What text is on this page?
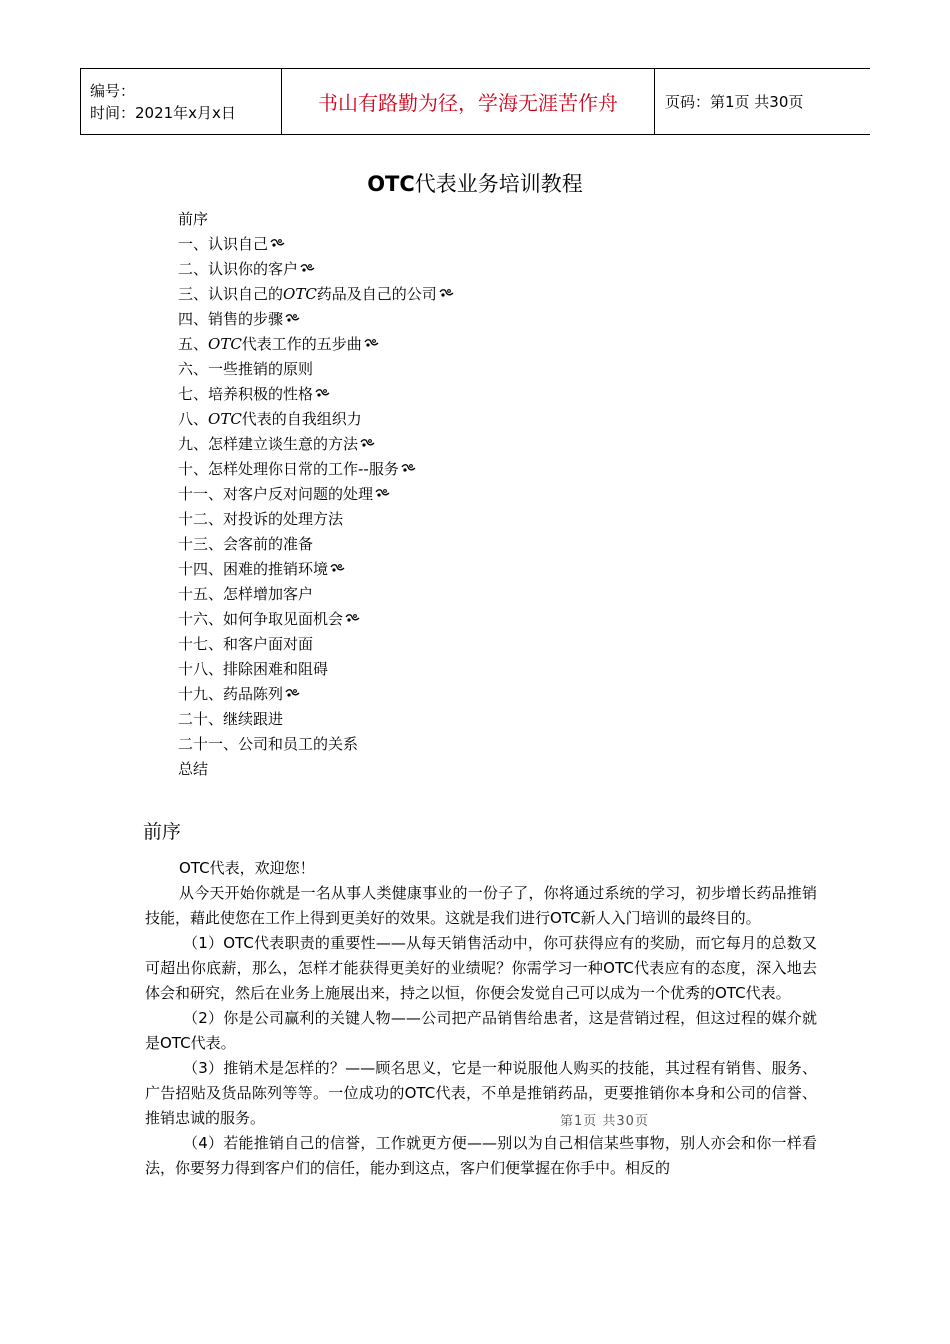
编号：
时间：2021年x月x日	书山有路勤为径，学海无涯苦作舟	页码：第1页 共30页
OTC代表业务培训教程
前序
一、认识自己
二、认识你的客户
三、认识自己的OTC药品及自己的公司
四、销售的步骤
五、OTC代表工作的五步曲
六、一些推销的原则
七、培养积极的性格
八、OTC代表的自我组织力
九、怎样建立谈生意的方法
十、怎样处理你日常的工作--服务
十一、对客户反对问题的处理
十二、对投诉的处理方法
十三、会客前的准备
十四、困难的推销环境
十五、怎样增加客户
十六、如何争取见面机会
十七、和客户面对面
十八、排除困难和阻碍
十九、药品陈列
二十、继续跟进
二十一、公司和员工的关系
总结
前序

OTC代表，欢迎您！

从今天开始你就是一名从事人类健康事业的一份子了，你将通过系统的学习，初步增长药品推销技能，藉此使您在工作上得到更美好的效果。这就是我们进行OTC新人入门培训的最终目的。

（1）OTC代表职责的重要性——从每天销售活动中，你可获得应有的奖励，而它每月的总数又可超出你底薪，那么，怎样才能获得更美好的业绩呢？你需学习一种OTC代表应有的态度，深入地去体会和研究，然后在业务上施展出来，持之以恒，你便会发觉自己可以成为一个优秀的OTC代表。

（2）你是公司赢利的关键人物——公司把产品销售给患者，这是营销过程，但这过程的媒介就是OTC代表。

（3）推销术是怎样的？——顾名思义，它是一种说服他人购买的技能，其过程有销售、服务、广告招贴及货品陈列等等。一位成功的OTC代表，不单是推销药品，更要推销你本身和公司的信誉、推销忠诚的服务。

（4）若能推销自己的信誉，工作就更方便——别以为自己相信某些事物，别人亦会和你一样看法，你要努力得到客户们的信任，能办到这点，客户们便掌握在你手中。相反的

第1页 共30页
